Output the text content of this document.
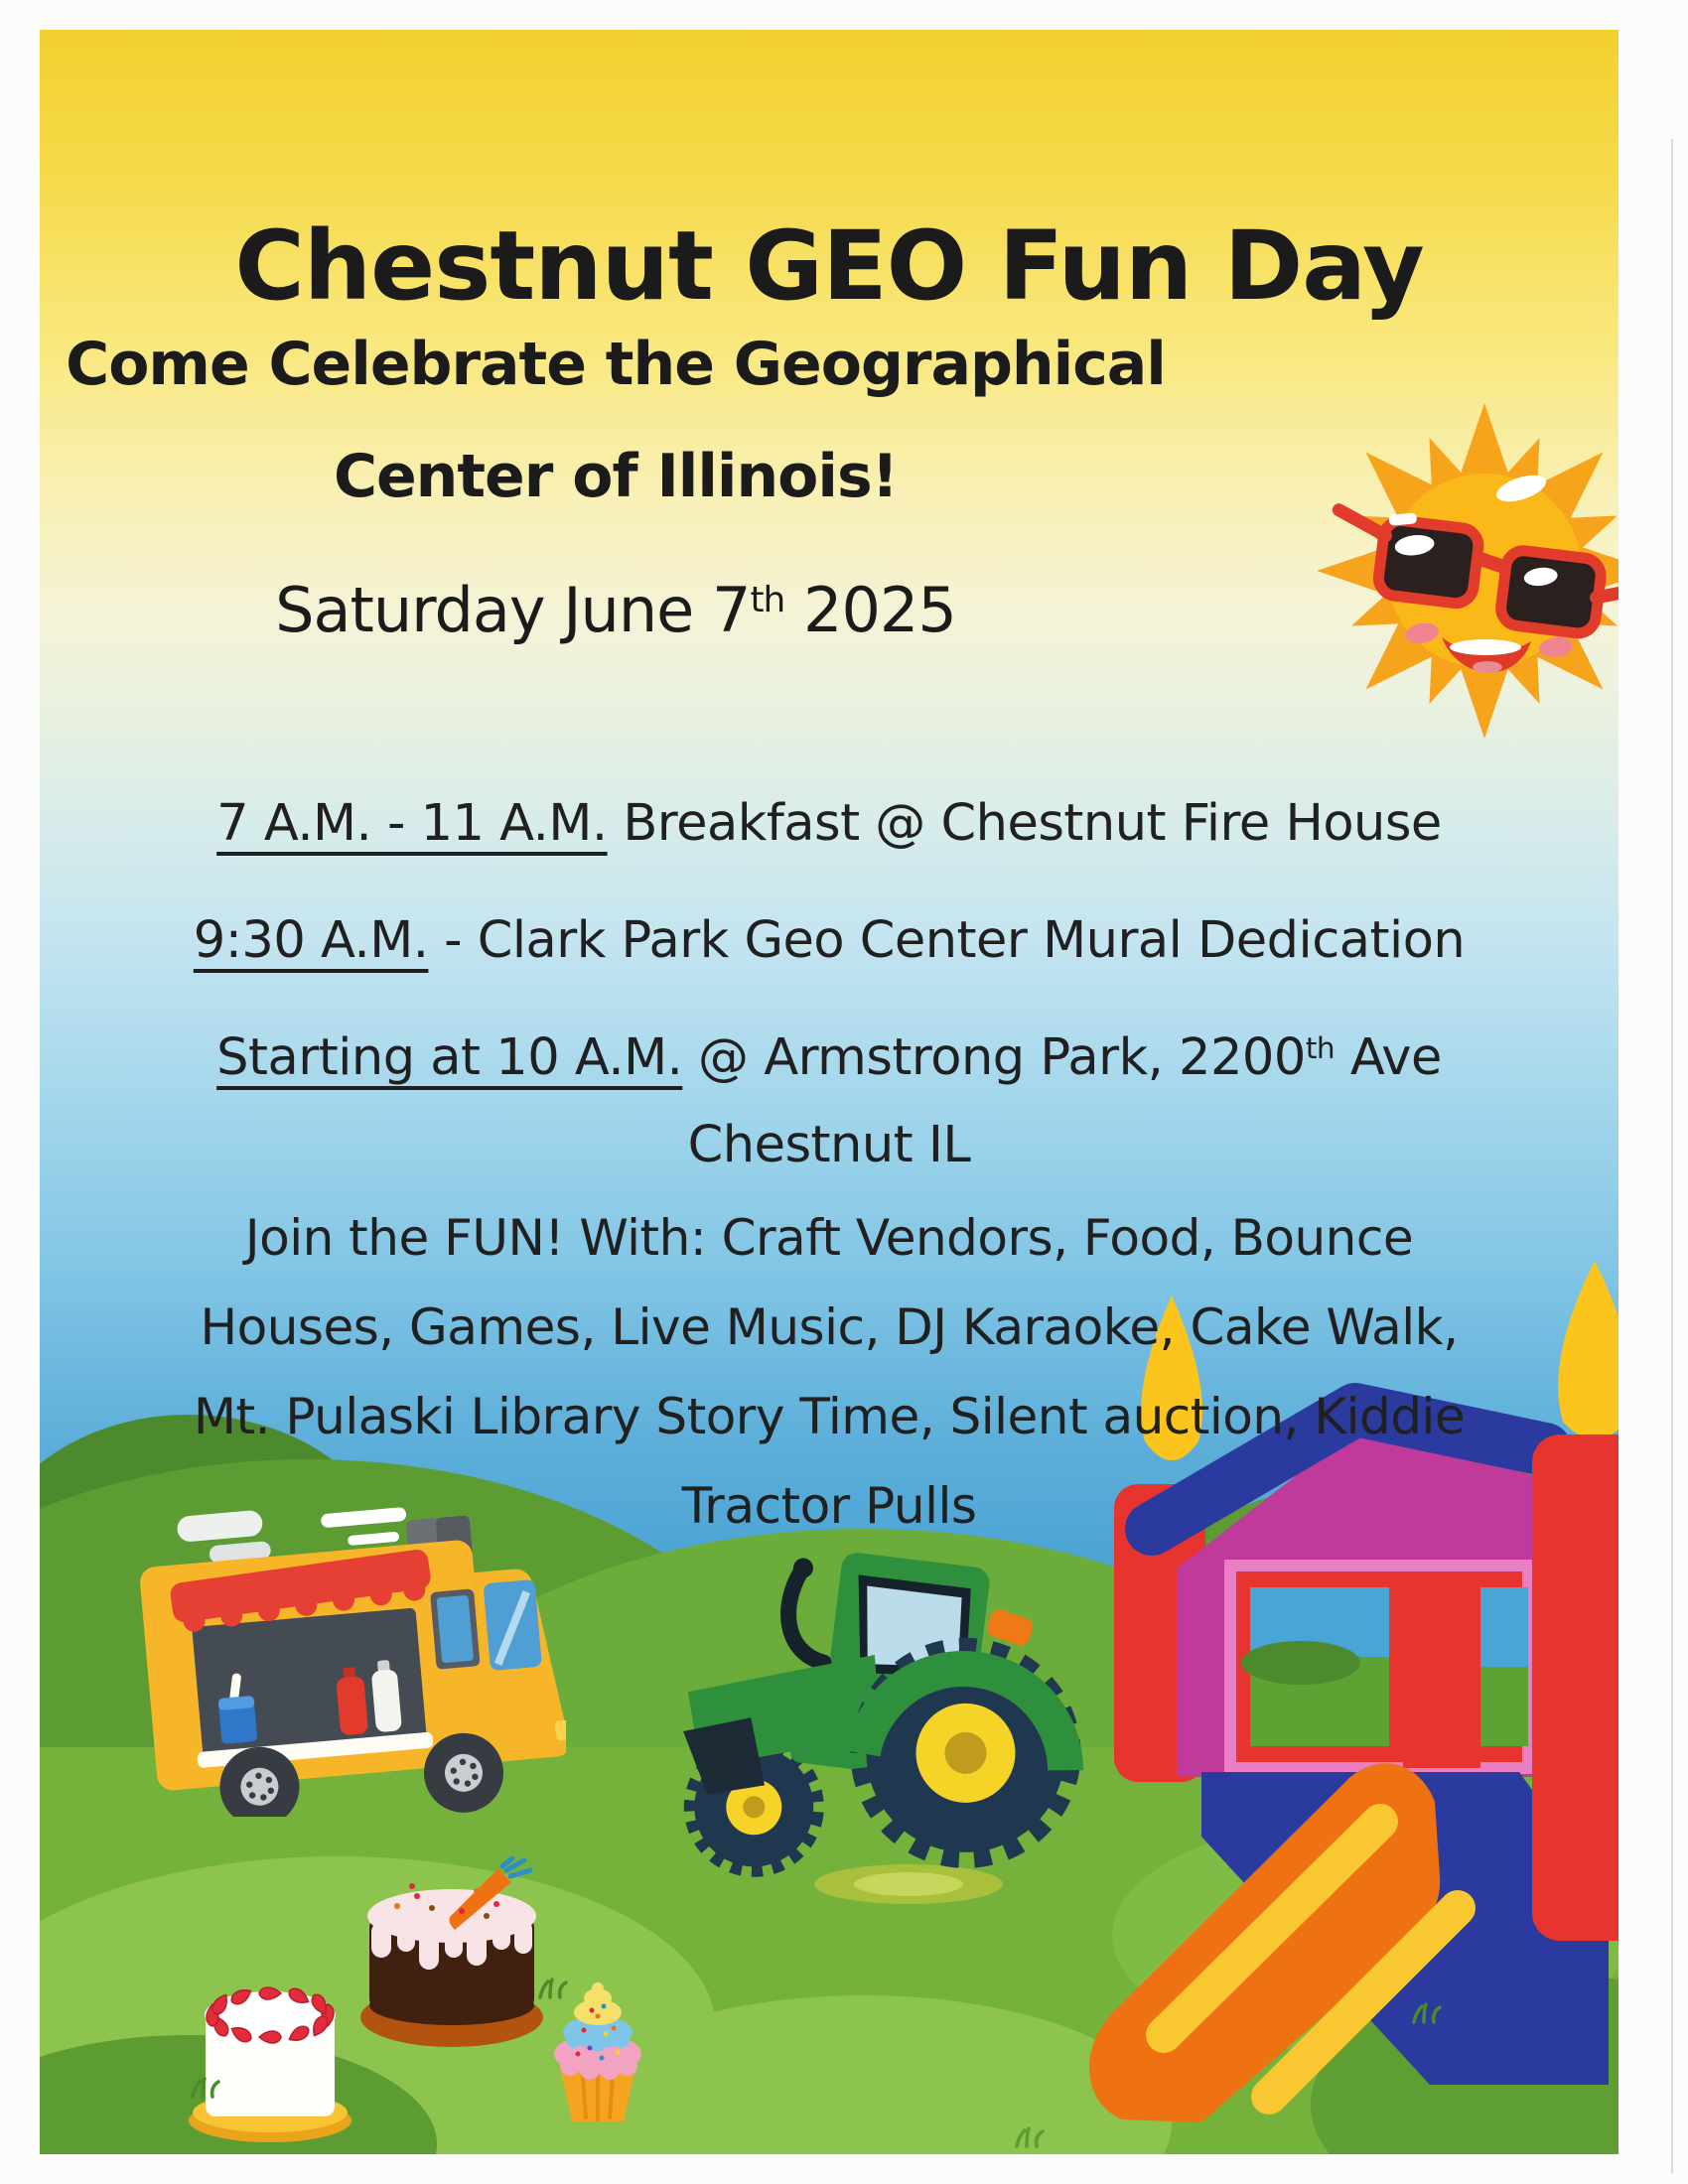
Chestnut GEO Fun Day
Come Celebrate the Geographical
Center of Illinois!
Saturday June 7th 2025
7 A.M. - 11 A.M. Breakfast @ Chestnut Fire House
9:30 A.M. - Clark Park Geo Center Mural Dedication
Starting at 10 A.M. @ Armstrong Park, 2200th Ave
Chestnut IL
Join the FUN! With: Craft Vendors, Food, Bounce
Houses, Games, Live Music, DJ Karaoke, Cake Walk,
Mt. Pulaski Library Story Time, Silent auction, Kiddie
Tractor Pulls
